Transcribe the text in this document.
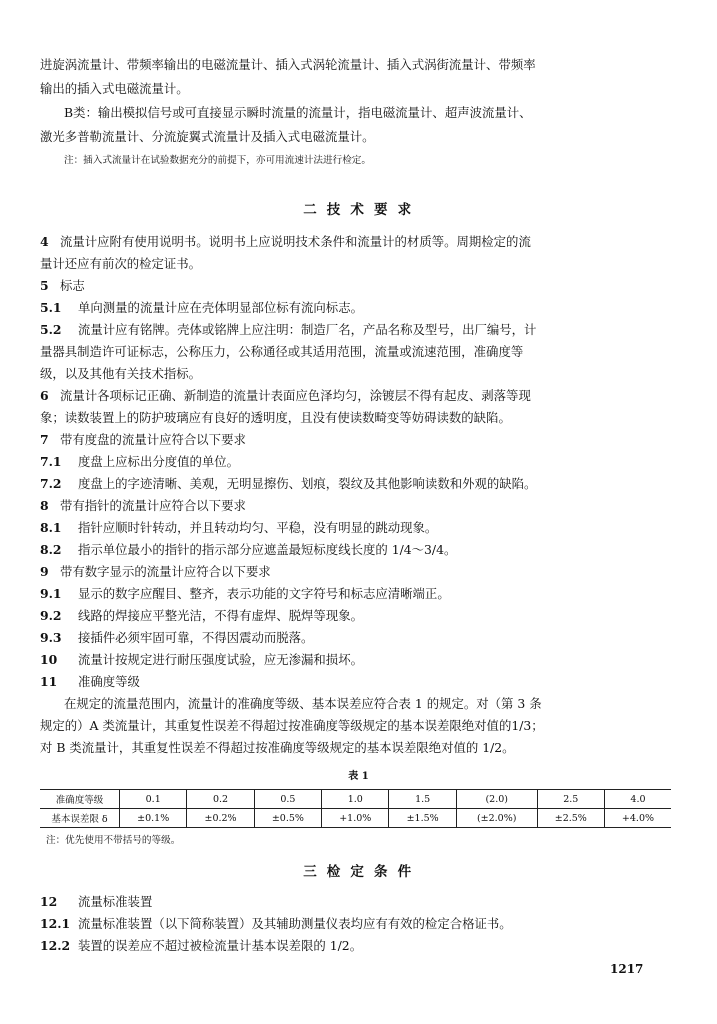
进旋涡流量计、带频率输出的电磁流量计、插入式涡轮流量计、插入式涡街流量计、带频率
输出的插入式电磁流量计。
B类：输出模拟信号或可直接显示瞬时流量的流量计，指电磁流量计、超声波流量计、
激光多普勒流量计、分流旋翼式流量计及插入式电磁流量计。
注：插入式流量计在试验数据充分的前提下，亦可用流速计法进行检定。
二 技 术 要 求
4 流量计应附有使用说明书。说明书上应说明技术条件和流量计的材质等。周期检定的流
量计还应有前次的检定证书。
5 标志
5.1 单向测量的流量计应在壳体明显部位标有流向标志。
5.2 流量计应有铭牌。壳体或铭牌上应注明：制造厂名，产品名称及型号，出厂编号，计
量器具制造许可证标志，公称压力，公称通径或其适用范围，流量或流速范围，准确度等
级，以及其他有关技术指标。
6 流量计各项标记正确、新制造的流量计表面应色泽均匀，涂镀层不得有起皮、剥落等现
象；读数装置上的防护玻璃应有良好的透明度，且没有使读数畸变等妨碍读数的缺陷。
7 带有度盘的流量计应符合以下要求
7.1 度盘上应标出分度值的单位。
7.2 度盘上的字迹清晰、美观，无明显擦伤、划痕，裂纹及其他影响读数和外观的缺陷。
8 带有指针的流量计应符合以下要求
8.1 指针应顺时针转动，并且转动均匀、平稳，没有明显的跳动现象。
8.2 指示单位最小的指针的指示部分应遮盖最短标度线长度的 1/4～3/4。
9 带有数字显示的流量计应符合以下要求
9.1 显示的数字应醒目、整齐，表示功能的文字符号和标志应清晰端正。
9.2 线路的焊接应平整光洁，不得有虚焊、脱焊等现象。
9.3 接插件必须牢固可靠，不得因震动而脱落。
10 流量计按规定进行耐压强度试验，应无渗漏和损坏。
11 准确度等级
在规定的流量范围内，流量计的准确度等级、基本误差应符合表 1 的规定。对（第 3 条
规定的）A 类流量计，其重复性误差不得超过按准确度等级规定的基本误差限绝对值的1/3；
对 B 类流量计，其重复性误差不得超过按准确度等级规定的基本误差限绝对值的 1/2。
表 1
准确度等级	0.1	0.2	0.5	1.0	1.5	(2.0)	2.5	4.0
基本误差限 δ	±0.1%	±0.2%	±0.5%	+1.0%	±1.5%	(±2.0%)	±2.5%	+4.0%
注：优先使用不带括号的等级。
三 检 定 条 件
12 流量标准装置
12.1 流量标准装置（以下简称装置）及其辅助测量仪表均应有有效的检定合格证书。
12.2 装置的误差应不超过被检流量计基本误差限的 1/2。
1217
